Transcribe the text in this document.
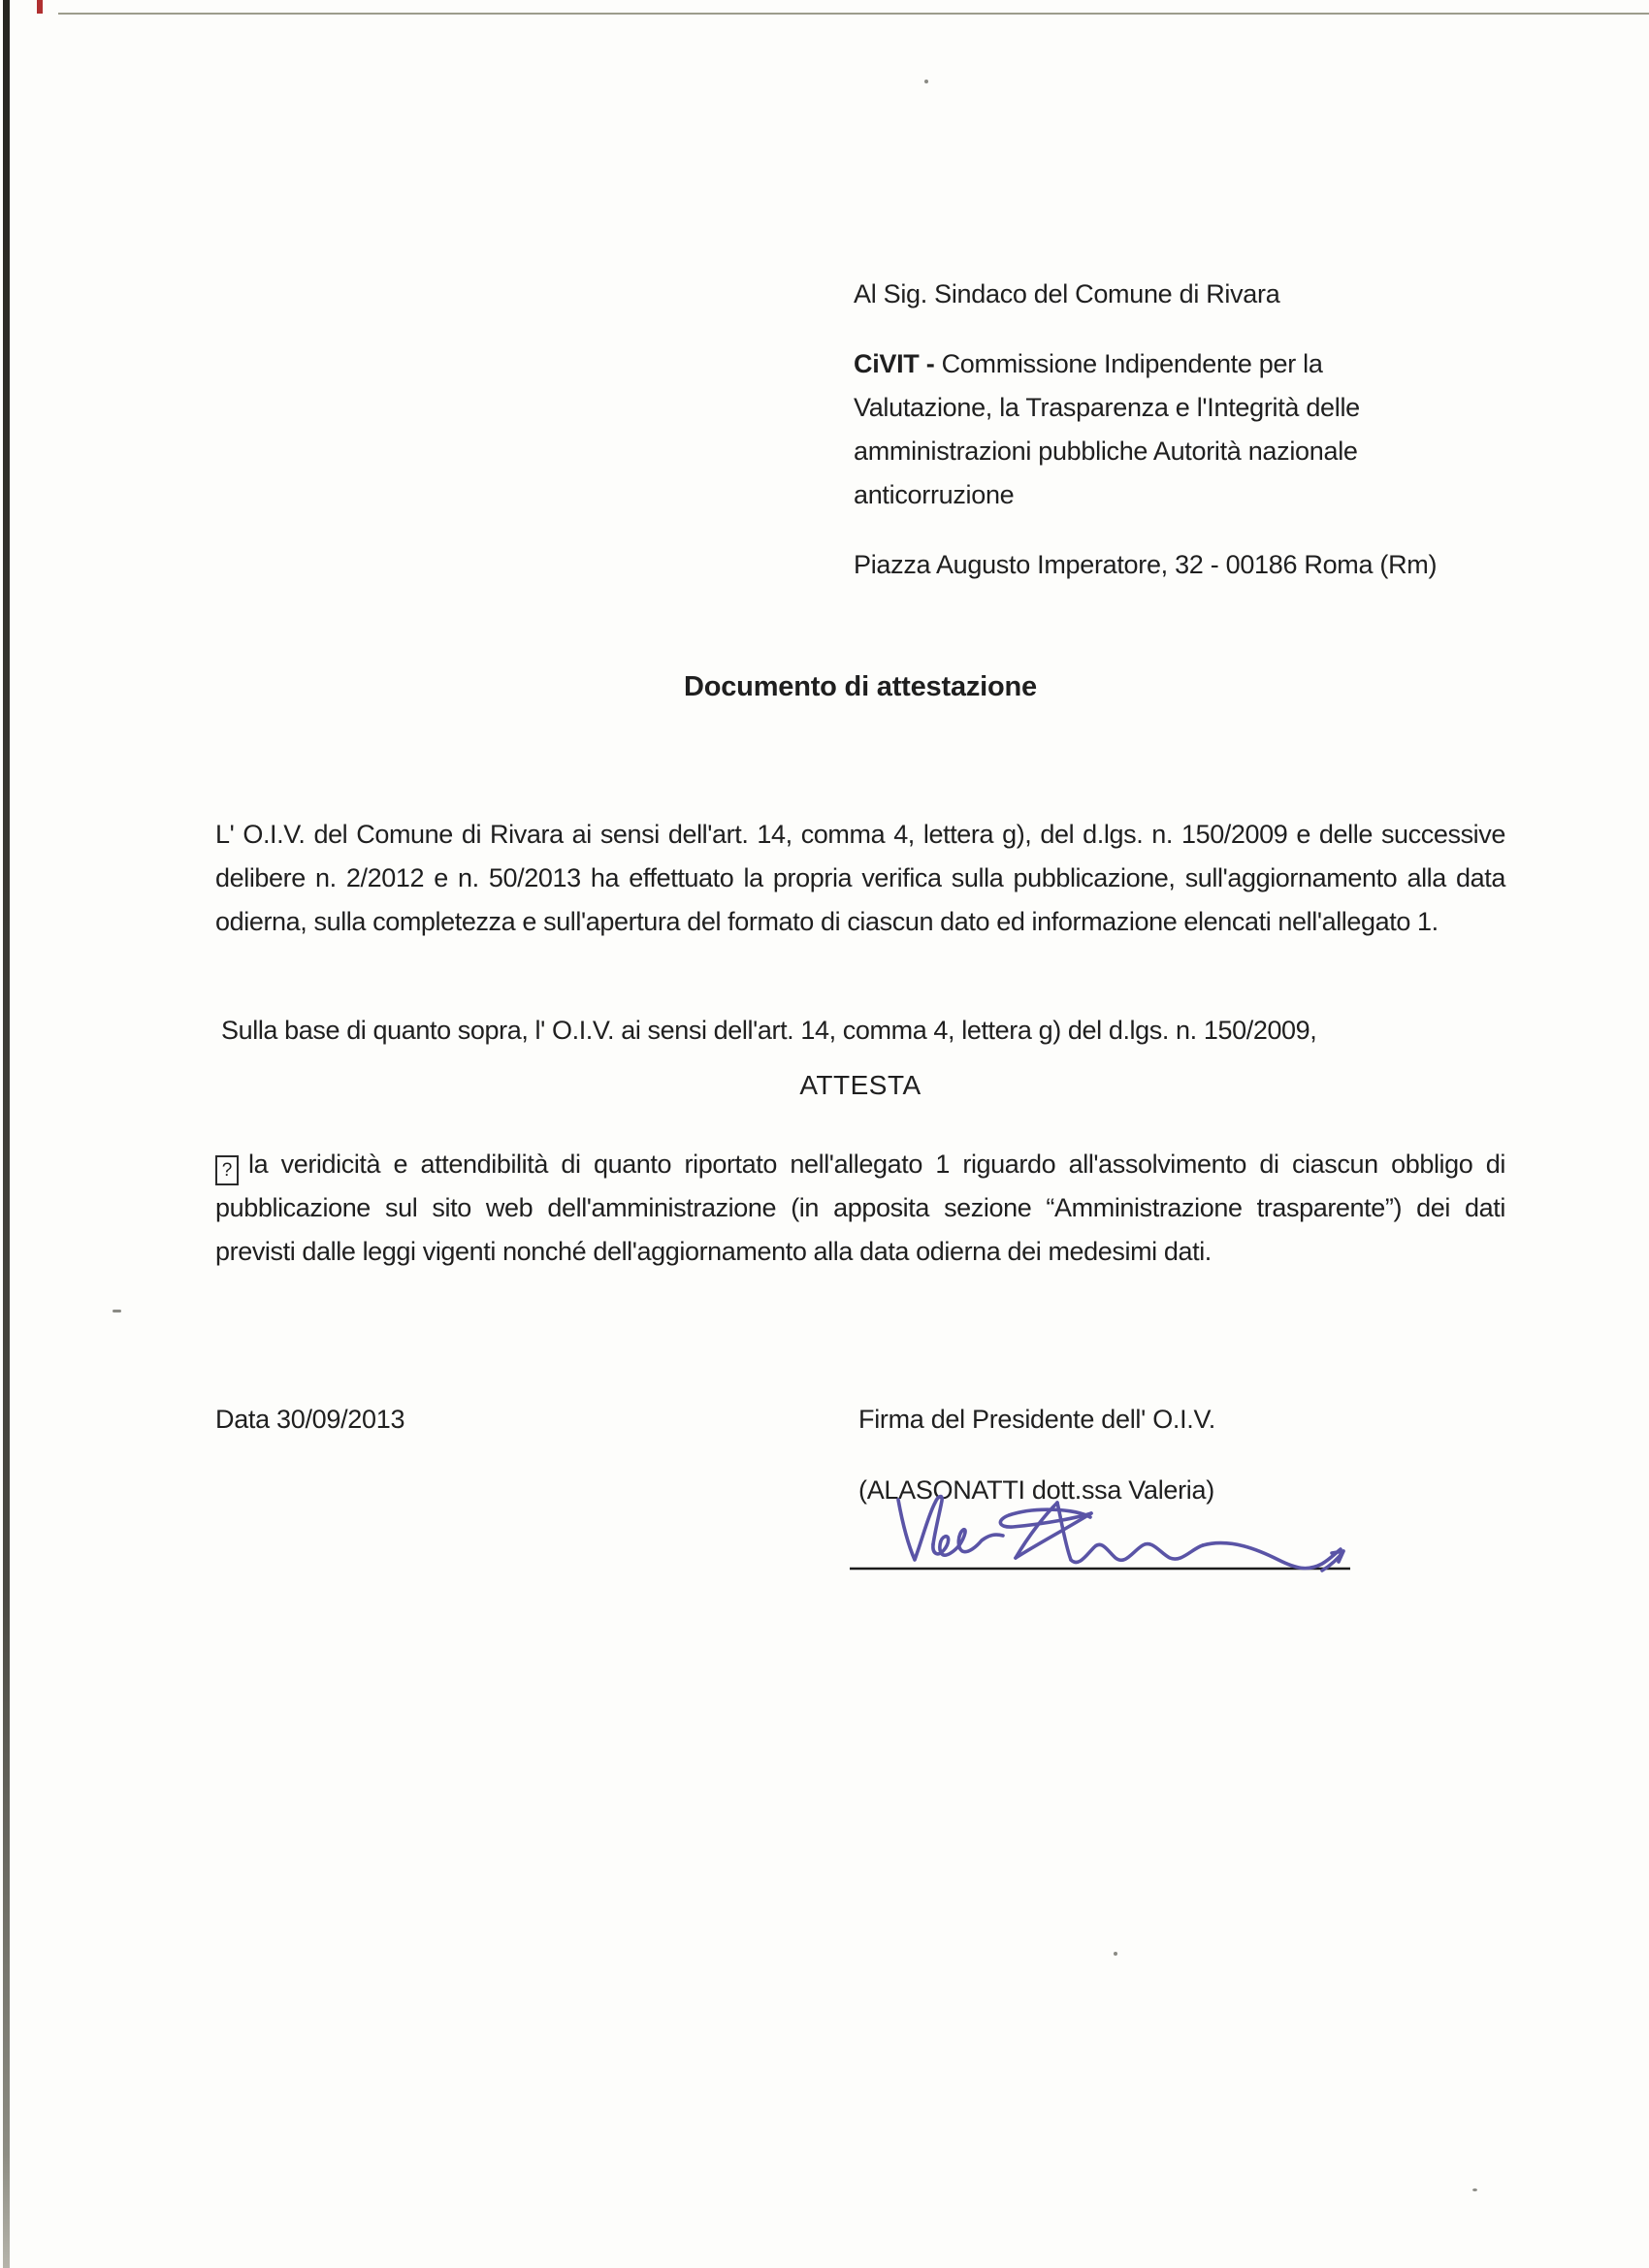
Al Sig. Sindaco del Comune di Rivara

CiVIT - Commissione Indipendente per la

Valutazione, la Trasparenza e l'Integrità delle

amministrazioni pubbliche Autorità nazionale

anticorruzione

Piazza Augusto Imperatore, 32 - 00186 Roma (Rm)

Documento di attestazione
L' O.I.V. del Comune di Rivara ai sensi dell'art. 14, comma 4, lettera g), del d.lgs. n. 150/2009 e delle successive delibere n. 2/2012 e n. 50/2013 ha effettuato la propria verifica sulla pubblicazione, sull'aggiornamento alla data odierna, sulla completezza e sull'apertura del formato di ciascun dato ed informazione elencati nell'allegato 1.
Sulla base di quanto sopra, l' O.I.V. ai sensi dell'art. 14, comma 4, lettera g) del d.lgs. n. 150/2009,
ATTESTA
? la veridicità e attendibilità di quanto riportato nell'allegato 1 riguardo all'assolvimento di ciascun obbligo di pubblicazione sul sito web dell'amministrazione (in apposita sezione “Amministrazione trasparente”) dei dati previsti dalle leggi vigenti nonché dell'aggiornamento alla data odierna dei medesimi dati.
Data 30/09/2013	Firma del Presidente dell' O.I.V.
(ALASONATTI dott.ssa Valeria)
